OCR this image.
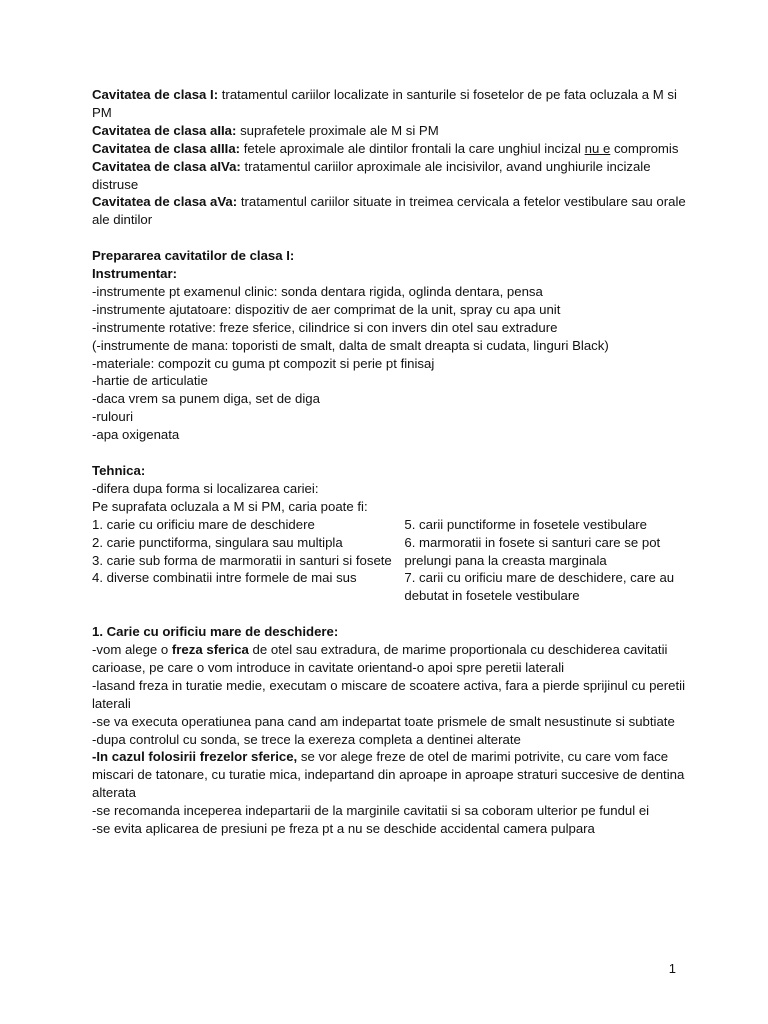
Cavitatea de clasa I: tratamentul cariilor localizate in santurile si fosetelor de pe fata ocluzala a M si PM
Cavitatea de clasa aIIa: suprafetele proximale ale M si PM
Cavitatea de clasa aIIIa: fetele aproximale ale dintilor frontali la care unghiul incizal nu e compromis
Cavitatea de clasa aIVa: tratamentul cariilor aproximale ale incisivilor, avand unghiurile incizale distruse
Cavitatea de clasa aVa: tratamentul cariilor situate in treimea cervicala a fetelor vestibulare sau orale ale dintilor
Prepararea cavitatilor de clasa I:
Instrumentar:
-instrumente pt examenul clinic: sonda dentara rigida, oglinda dentara, pensa
-instrumente ajutatoare: dispozitiv de aer comprimat de la unit, spray cu apa unit
-instrumente rotative: freze sferice, cilindrice si con invers din otel sau extradure
(-instrumente de mana: toporisti de smalt, dalta de smalt dreapta si cudata, linguri Black)
-materiale: compozit cu guma pt compozit si perie pt finisaj
-hartie de articulatie
-daca vrem sa punem diga, set de diga
-rulouri
-apa oxigenata
Tehnica:
-difera dupa forma si localizarea cariei:
Pe suprafata ocluzala a M si PM, caria poate fi:
1. carie cu orificiu mare de deschidere
2. carie punctiforma, singulara sau multipla
3. carie sub forma de marmoratii in santuri si fosete
4. diverse combinatii intre formele de mai sus
5. carii punctiforme in fosetele vestibulare
6. marmoratii in fosete si santuri care se pot prelungi pana la creasta marginala
7. carii cu orificiu mare de deschidere, care au debutat in fosetele vestibulare
1. Carie cu orificiu mare de deschidere:
-vom alege o freza sferica de otel sau extradura, de marime proportionala cu deschiderea cavitatii carioase, pe care o vom introduce in cavitate orientand-o apoi spre peretii laterali
-lasand freza in turatie medie, executam o miscare de scoatere activa, fara a pierde sprijinul cu peretii laterali
-se va executa operatiunea pana cand am indepartat toate prismele de smalt nesustinute si subtiate
-dupa controlul cu sonda, se trece la exereza completa a dentinei alterate
-In cazul folosirii frezelor sferice, se vor alege freze de otel de marimi potrivite, cu care vom face miscari de tatonare, cu turatie mica, indepartand din aproape in aproape straturi succesive de dentina alterata
-se recomanda inceperea indepartarii de la marginile cavitatii si sa coboram ulterior pe fundul ei
-se evita aplicarea de presiuni pe freza pt a nu se deschide accidental camera pulpara
1
